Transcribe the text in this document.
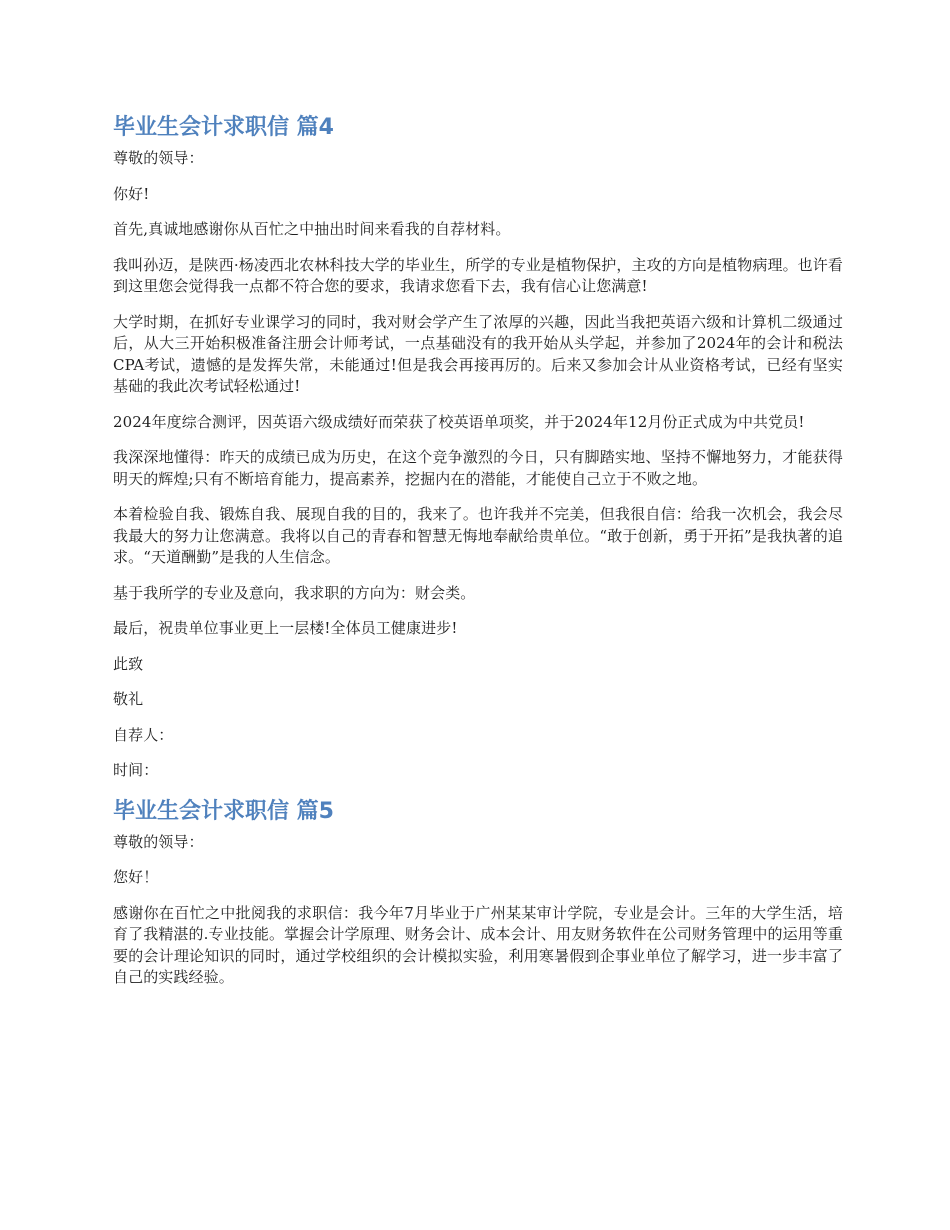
毕业生会计求职信 篇4

尊敬的领导：

你好!

首先,真诚地感谢你从百忙之中抽出时间来看我的自荐材料。

我叫孙迈，是陕西·杨凌西北农林科技大学的毕业生，所学的专业是植物保护，主攻的方向是植物病理。也许看到这里您会觉得我一点都不符合您的要求，我请求您看下去，我有信心让您满意!

大学时期，在抓好专业课学习的同时，我对财会学产生了浓厚的兴趣，因此当我把英语六级和计算机二级通过后，从大三开始积极准备注册会计师考试，一点基础没有的我开始从头学起，并参加了2024年的会计和税法CPA考试，遗憾的是发挥失常，未能通过!但是我会再接再厉的。后来又参加会计从业资格考试，已经有坚实基础的我此次考试轻松通过!

2024年度综合测评，因英语六级成绩好而荣获了校英语单项奖，并于2024年12月份正式成为中共党员!

我深深地懂得：昨天的成绩已成为历史，在这个竞争激烈的今日，只有脚踏实地、坚持不懈地努力，才能获得明天的辉煌;只有不断培育能力，提高素养，挖掘内在的潜能，才能使自己立于不败之地。

本着检验自我、锻炼自我、展现自我的目的，我来了。也许我并不完美，但我很自信：给我一次机会，我会尽我最大的努力让您满意。我将以自己的青春和智慧无悔地奉献给贵单位。“敢于创新，勇于开拓”是我执著的追求。“天道酬勤”是我的人生信念。

基于我所学的专业及意向，我求职的方向为：财会类。

最后，祝贵单位事业更上一层楼!全体员工健康进步!

此致

敬礼

自荐人：

时间：

毕业生会计求职信 篇5

尊敬的领导：

您好！

感谢你在百忙之中批阅我的求职信：我今年7月毕业于广州某某审计学院，专业是会计。三年的大学生活，培育了我精湛的.专业技能。掌握会计学原理、财务会计、成本会计、用友财务软件在公司财务管理中的运用等重要的会计理论知识的同时，通过学校组织的会计模拟实验，利用寒暑假到企事业单位了解学习，进一步丰富了自己的实践经验。
